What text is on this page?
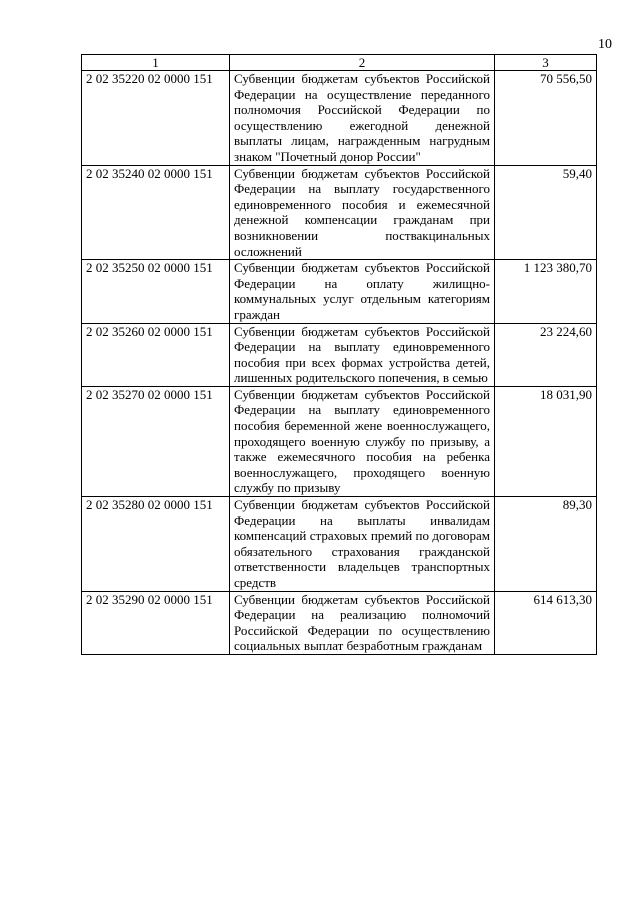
10
1	2	3
2 02 35220 02 0000 151	Субвенции бюджетам субъектов Российской Федерации на осуществление переданного полномочия Российской Федерации по осуществлению ежегодной денежной выплаты лицам, награжденным нагрудным знаком "Почетный донор России"	70 556,50
2 02 35240 02 0000 151	Субвенции бюджетам субъектов Российской Федерации на выплату государственного единовременного пособия и ежемесячной денежной компенсации гражданам при возникновении поствакцинальных осложнений	59,40
2 02 35250 02 0000 151	Субвенции бюджетам субъектов Российской Федерации на оплату жилищно-коммунальных услуг отдельным категориям граждан	1 123 380,70
2 02 35260 02 0000 151	Субвенции бюджетам субъектов Российской Федерации на выплату единовременного пособия при всех формах устройства детей, лишенных родительского попечения, в семью	23 224,60
2 02 35270 02 0000 151	Субвенции бюджетам субъектов Российской Федерации на выплату единовременного пособия беременной жене военнослужащего, проходящего военную службу по призыву, а также ежемесячного пособия на ребенка военнослужащего, проходящего военную службу по призыву	18 031,90
2 02 35280 02 0000 151	Субвенции бюджетам субъектов Российской Федерации на выплаты инвалидам компенсаций страховых премий по договорам обязательного страхования гражданской ответственности владельцев транспортных средств	89,30
2 02 35290 02 0000 151	Субвенции бюджетам субъектов Российской Федерации на реализацию полномочий Российской Федерации по осуществлению социальных выплат безработным гражданам	614 613,30
